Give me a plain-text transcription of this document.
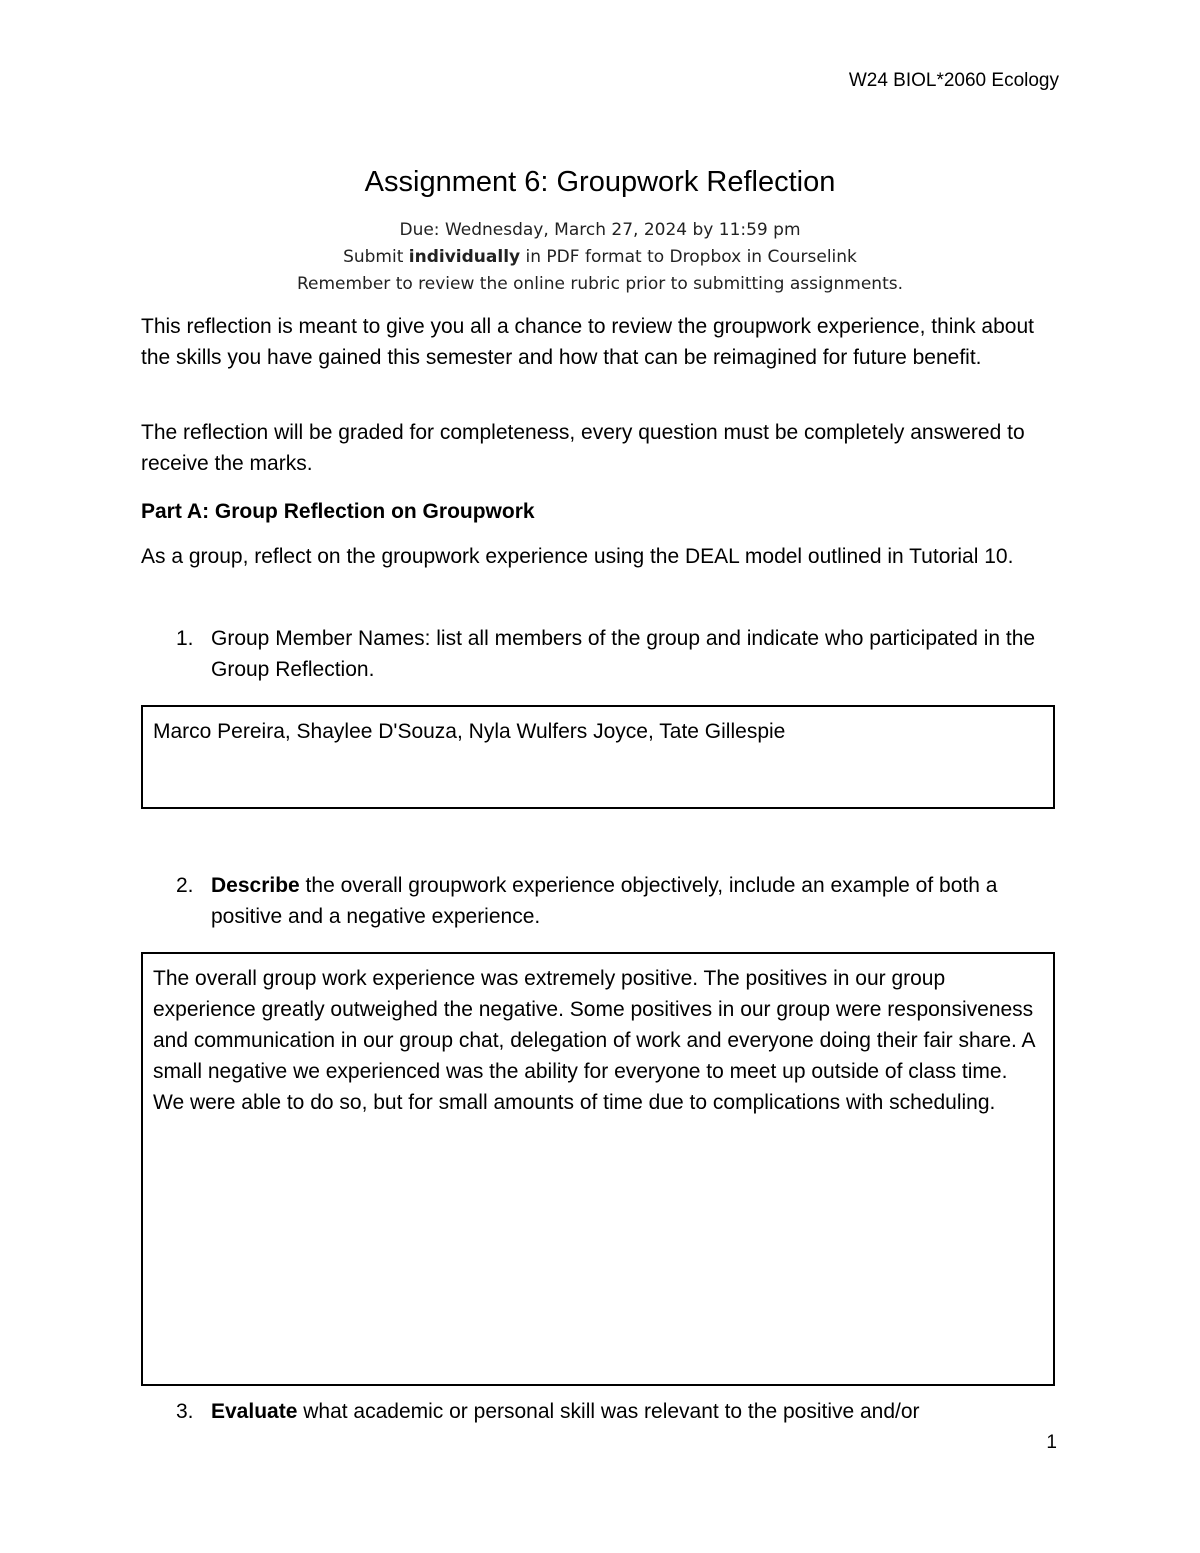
W24 BIOL*2060 Ecology
Assignment 6: Groupwork Reflection
Due: Wednesday, March 27, 2024 by 11:59 pm
Submit individually in PDF format to Dropbox in Courselink
Remember to review the online rubric prior to submitting assignments.
This reflection is meant to give you all a chance to review the groupwork experience, think about the skills you have gained this semester and how that can be reimagined for future benefit.
The reflection will be graded for completeness, every question must be completely answered to receive the marks.
Part A: Group Reflection on Groupwork
As a group, reflect on the groupwork experience using the DEAL model outlined in Tutorial 10.
1. Group Member Names: list all members of the group and indicate who participated in the Group Reflection.
Marco Pereira, Shaylee D'Souza, Nyla Wulfers Joyce, Tate Gillespie
2. Describe the overall groupwork experience objectively, include an example of both a positive and a negative experience.
The overall group work experience was extremely positive. The positives in our group experience greatly outweighed the negative. Some positives in our group were responsiveness and communication in our group chat, delegation of work and everyone doing their fair share. A small negative we experienced was the ability for everyone to meet up outside of class time. We were able to do so, but for small amounts of time due to complications with scheduling.
3. Evaluate what academic or personal skill was relevant to the positive and/or
1
